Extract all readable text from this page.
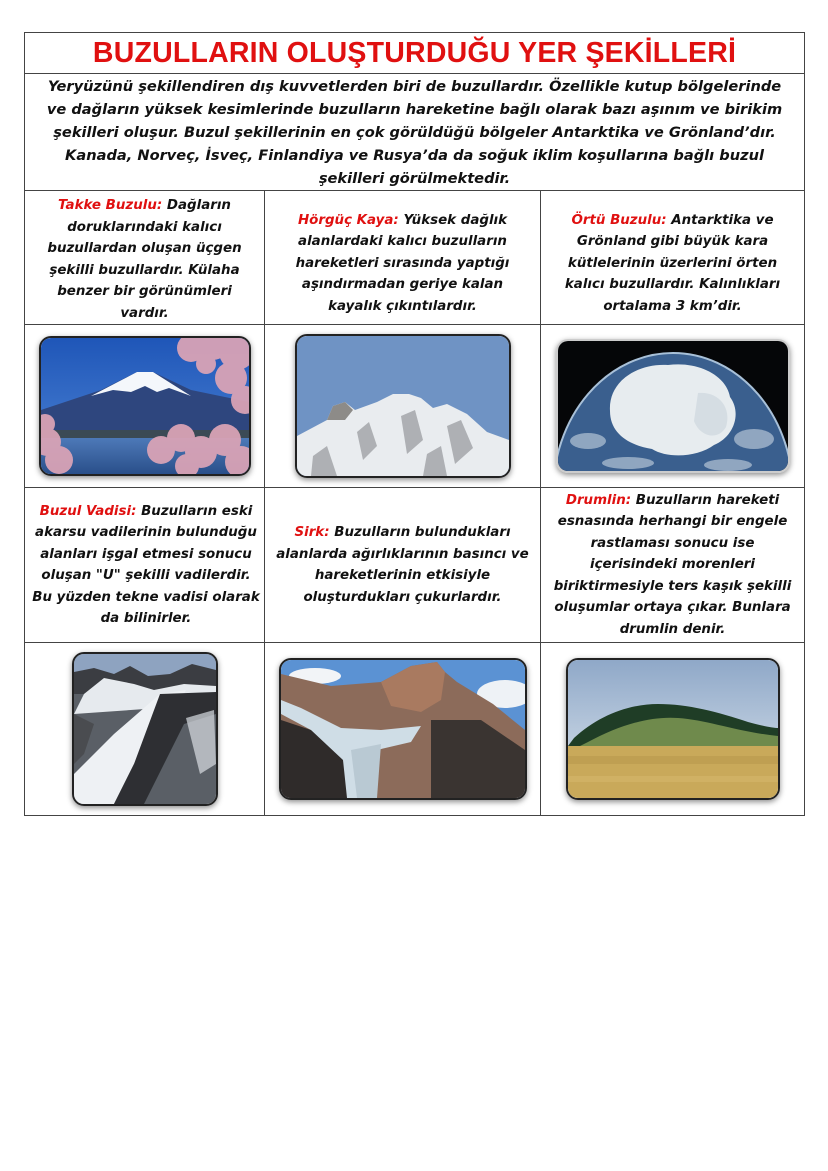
BUZULLARIN OLUŞTURDUĞU YER ŞEKİLLERİ

Yeryüzünü şekillendiren dış kuvvetlerden biri de buzullardır. Özellikle kutup bölgelerinde ve dağların yüksek kesimlerinde buzulların hareketine bağlı olarak bazı aşınım ve birikim şekilleri oluşur. Buzul şekillerinin en çok görüldüğü bölgeler Antarktika ve Grönland’dır. Kanada, Norveç, İsveç, Finlandiya ve Rusya’da da soğuk iklim koşullarına bağlı buzul şekilleri görülmektedir.		

Takke Buzulu: Dağların doruklarındaki kalıcı buzullardan oluşan üçgen şekilli buzullardır. Külaha benzer bir görünümleri vardır.	Hörgüç Kaya: Yüksek dağlık alanlardaki kalıcı buzulların hareketleri sırasında yaptığı aşındırmadan geriye kalan kayalık çıkıntılardır.	Örtü Buzulu: Antarktika ve Grönland gibi büyük kara kütlelerinin üzerlerini örten kalıcı buzullardır. Kalınlıkları ortalama 3 km’dir.

Buzul Vadisi: Buzulların eski akarsu vadilerinin bulunduğu alanları işgal etmesi sonucu oluşan "U" şekilli vadilerdir. Bu yüzden tekne vadisi olarak da bilinirler.	Sirk: Buzulların bulundukları alanlarda ağırlıklarının basıncı ve hareketlerinin etkisiyle oluşturdukları çukurlardır.	Drumlin: Buzulların hareketi esnasında herhangi bir engele rastlaması sonucu ise içerisindeki morenleri biriktirmesiyle ters kaşık şekilli oluşumlar ortaya çıkar. Bunlara drumlin denir.
